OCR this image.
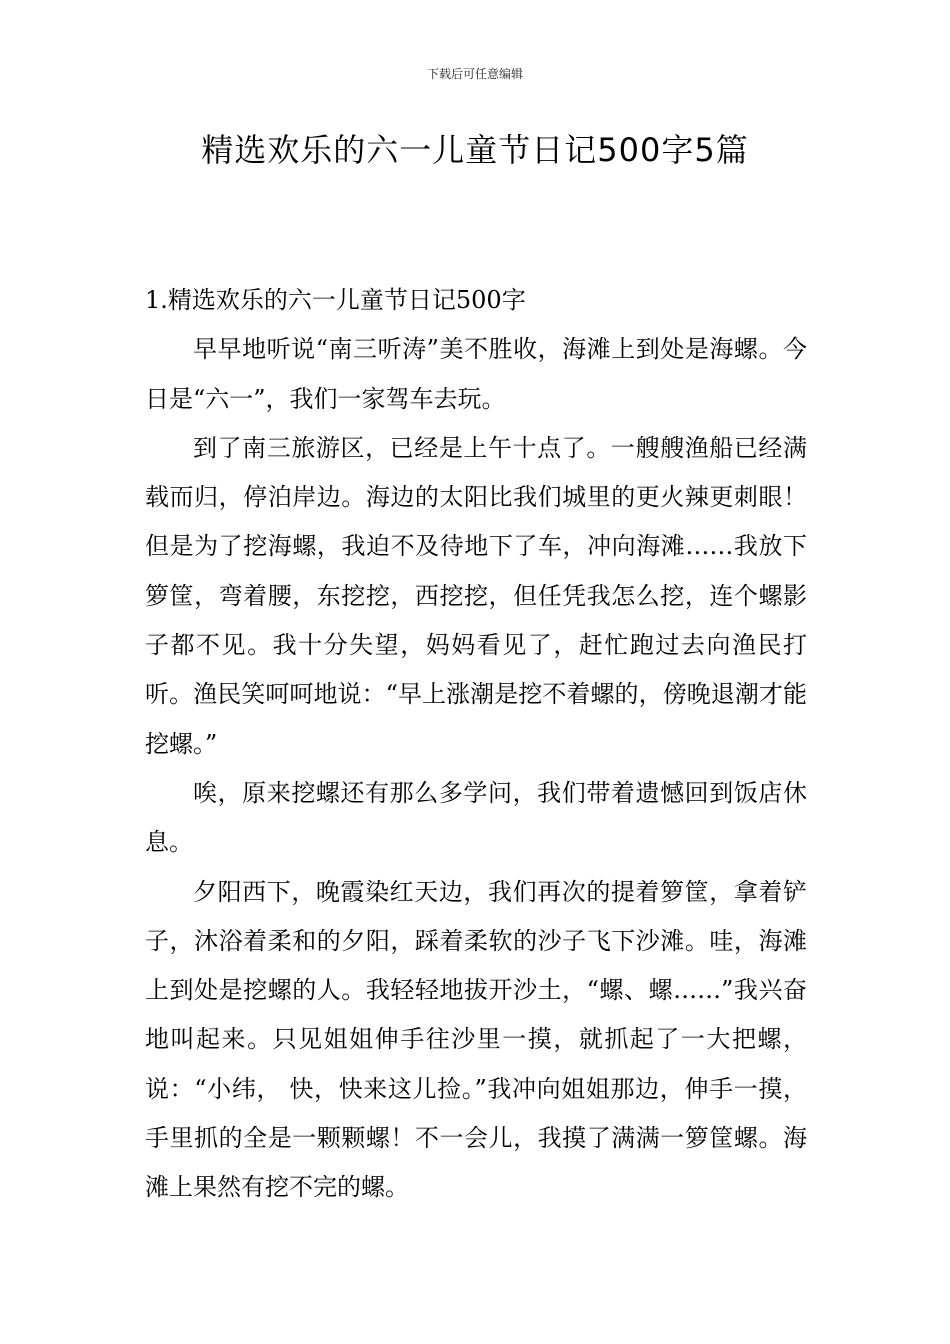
下载后可任意编辑
精选欢乐的六一儿童节日记500字5篇
1.精选欢乐的六一儿童节日记500字

早早地听说“南三听涛”美不胜收，海滩上到处是海螺。今日是“六一”，我们一家驾车去玩。

到了南三旅游区，已经是上午十点了。一艘艘渔船已经满载而归，停泊岸边。海边的太阳比我们城里的更火辣更刺眼！但是为了挖海螺，我迫不及待地下了车，冲向海滩……我放下箩筐，弯着腰，东挖挖，西挖挖，但任凭我怎么挖，连个螺影子都不见。我十分失望，妈妈看见了，赶忙跑过去向渔民打听。渔民笑呵呵地说：“早上涨潮是挖不着螺的，傍晚退潮才能挖螺。”

唉，原来挖螺还有那么多学问，我们带着遗憾回到饭店休息。

夕阳西下，晚霞染红天边，我们再次的提着箩筐，拿着铲子，沐浴着柔和的夕阳，踩着柔软的沙子飞下沙滩。哇，海滩上到处是挖螺的人。我轻轻地拔开沙土，“螺、螺……”我兴奋地叫起来。只见姐姐伸手往沙里一摸，就抓起了一大把螺，说：“小纬， 快，快来这儿捡。”我冲向姐姐那边，伸手一摸，手里抓的全是一颗颗螺！不一会儿，我摸了满满一箩筐螺。海滩上果然有挖不完的螺。
